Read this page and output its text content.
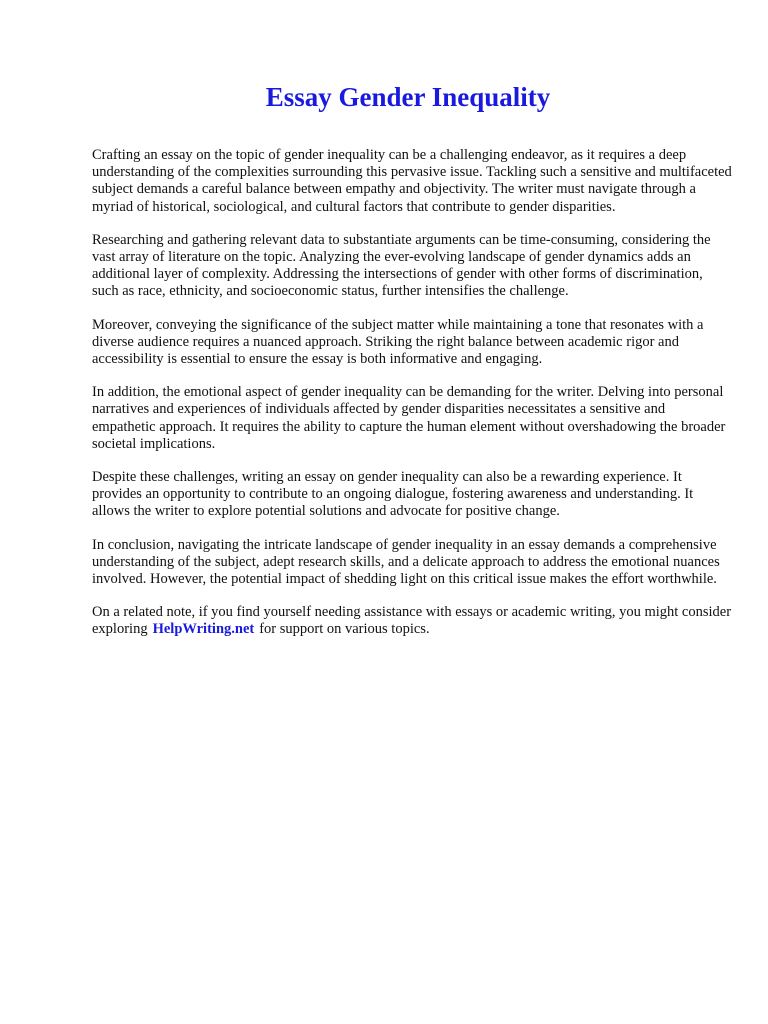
Essay Gender Inequality

Crafting an essay on the topic of gender inequality can be a challenging endeavor, as it requires a deep understanding of the complexities surrounding this pervasive issue. Tackling such a sensitive and multifaceted subject demands a careful balance between empathy and objectivity. The writer must navigate through a myriad of historical, sociological, and cultural factors that contribute to gender disparities.

Researching and gathering relevant data to substantiate arguments can be time-consuming, considering the vast array of literature on the topic. Analyzing the ever-evolving landscape of gender dynamics adds an additional layer of complexity. Addressing the intersections of gender with other forms of discrimination, such as race, ethnicity, and socioeconomic status, further intensifies the challenge.

Moreover, conveying the significance of the subject matter while maintaining a tone that resonates with a diverse audience requires a nuanced approach. Striking the right balance between academic rigor and accessibility is essential to ensure the essay is both informative and engaging.

In addition, the emotional aspect of gender inequality can be demanding for the writer. Delving into personal narratives and experiences of individuals affected by gender disparities necessitates a sensitive and empathetic approach. It requires the ability to capture the human element without overshadowing the broader societal implications.

Despite these challenges, writing an essay on gender inequality can also be a rewarding experience. It provides an opportunity to contribute to an ongoing dialogue, fostering awareness and understanding. It allows the writer to explore potential solutions and advocate for positive change.

In conclusion, navigating the intricate landscape of gender inequality in an essay demands a comprehensive understanding of the subject, adept research skills, and a delicate approach to address the emotional nuances involved. However, the potential impact of shedding light on this critical issue makes the effort worthwhile.

On a related note, if you find yourself needing assistance with essays or academic writing, you might consider exploring HelpWriting.net for support on various topics.
